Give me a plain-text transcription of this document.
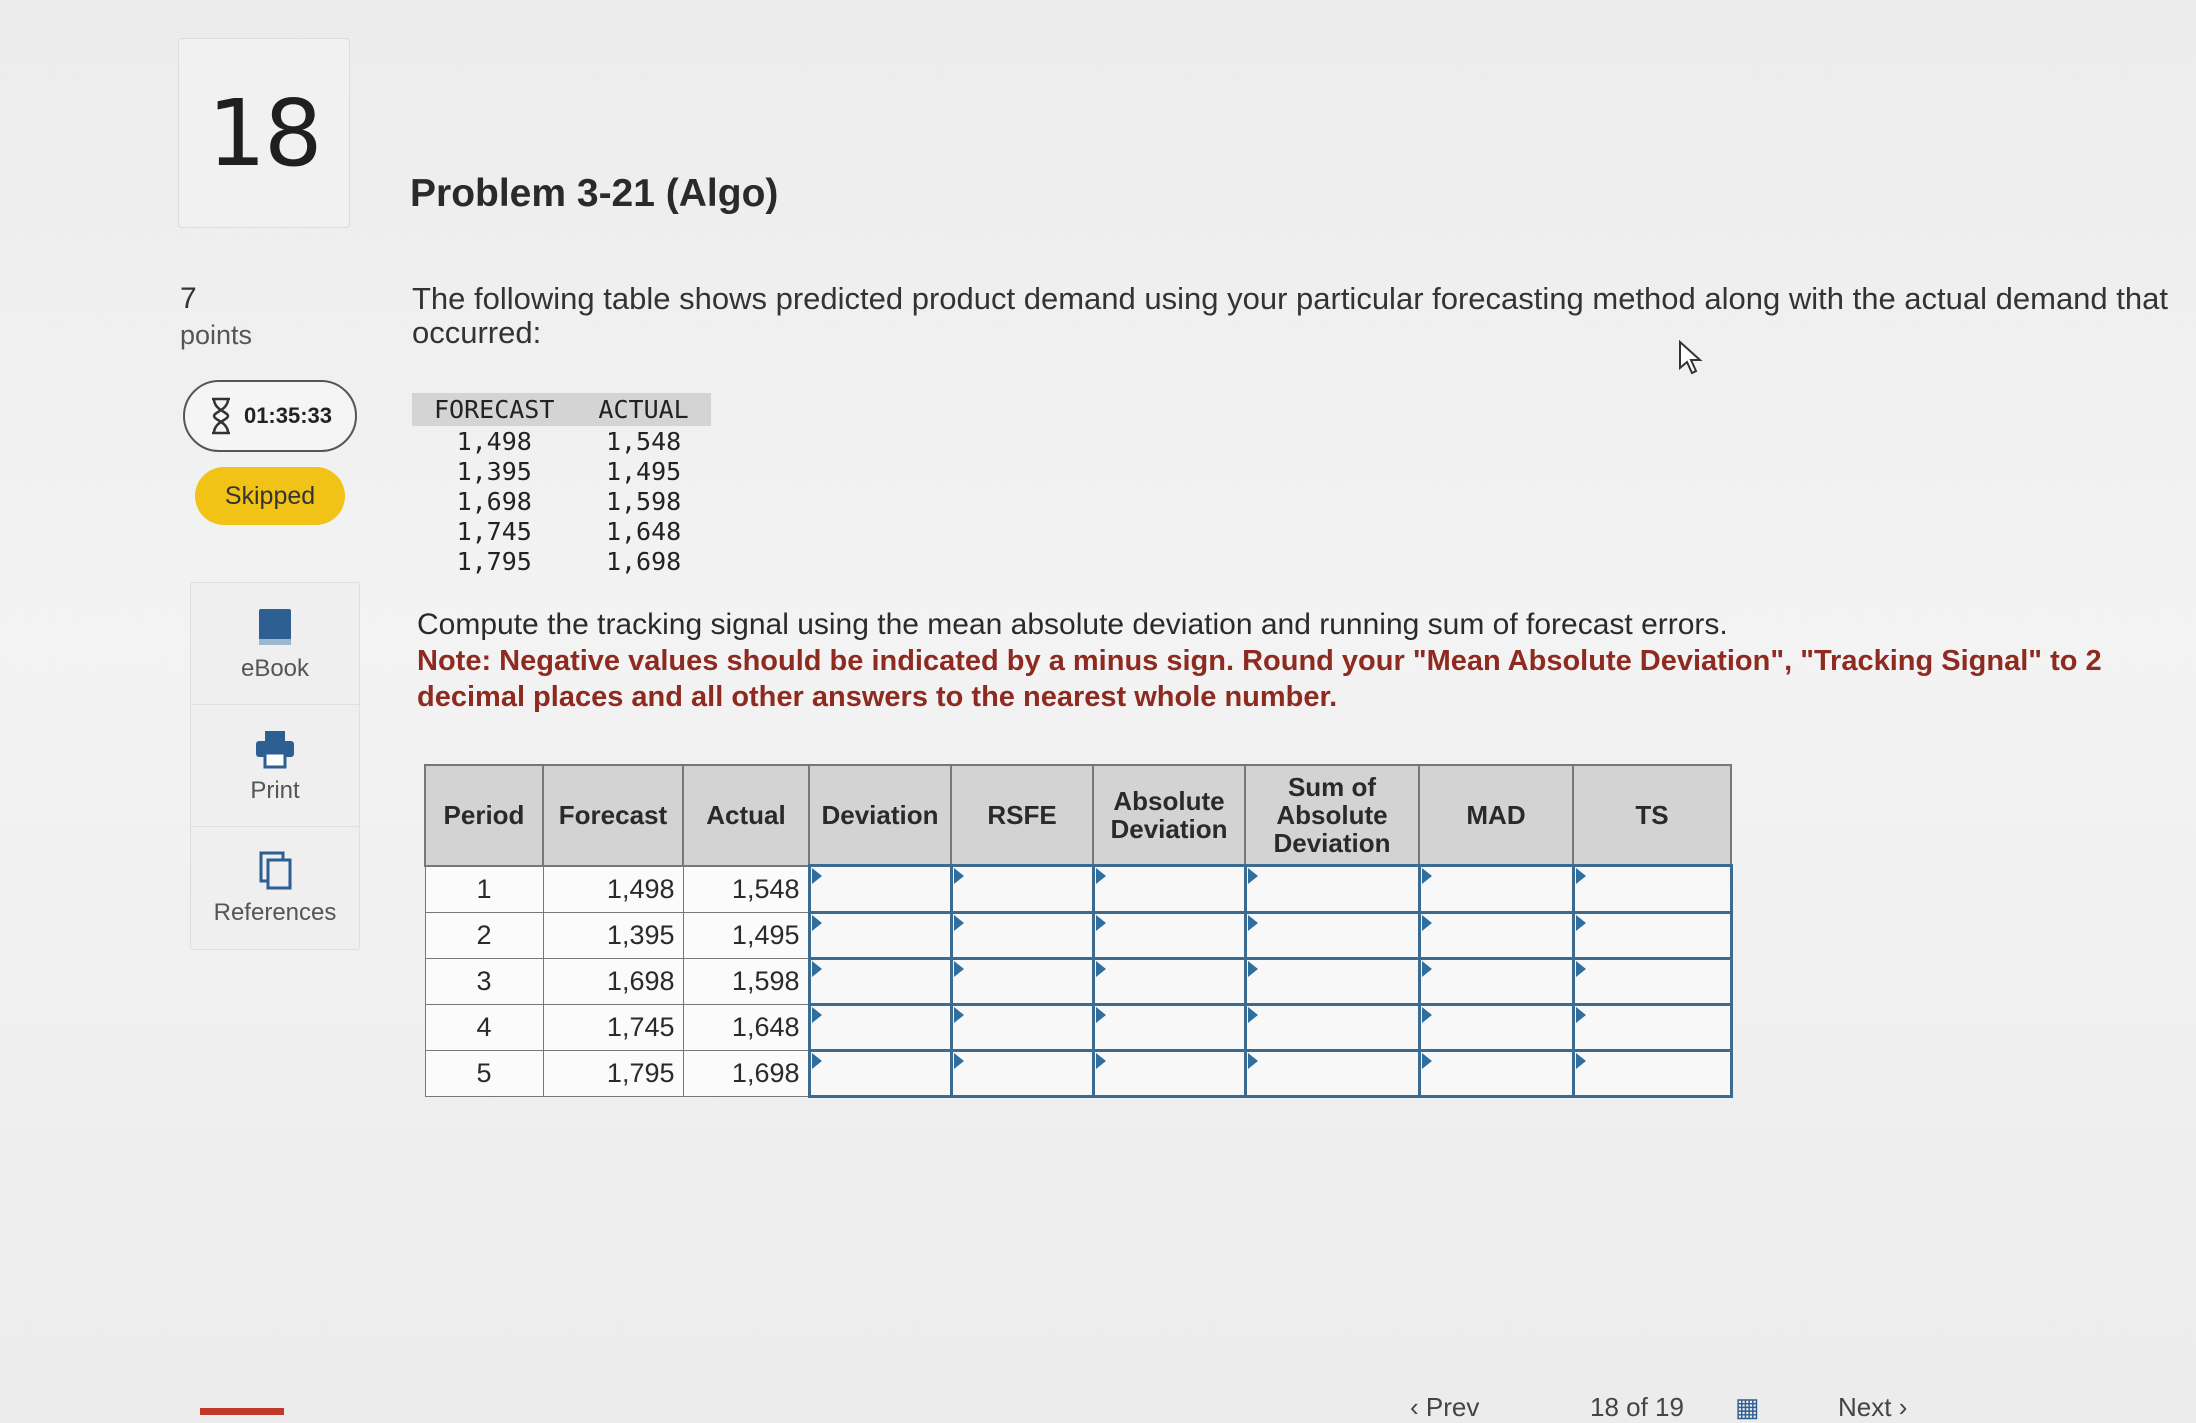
18
7
points
01:35:33
Skipped
eBook
Print
References
Problem 3-21 (Algo)
The following table shows predicted product demand using your particular forecasting method along with the actual demand that occurred:
FORECAST	ACTUAL
1,498	1,548
1,395	1,495
1,698	1,598
1,745	1,648
1,795	1,698
Compute the tracking signal using the mean absolute deviation and running sum of forecast errors.
Note: Negative values should be indicated by a minus sign. Round your "Mean Absolute Deviation", "Tracking Signal" to 2 decimal places and all other answers to the nearest whole number.
Period	Forecast	Actual	Deviation	RSFE	Absolute Deviation	Sum of Absolute Deviation	MAD	TS
1	1,498	1,548	

2	1,395	1,495	

3	1,698	1,598	

4	1,745	1,648	

5	1,795	1,698	

‹ Prev	18 of 19 ▦	Next ›
